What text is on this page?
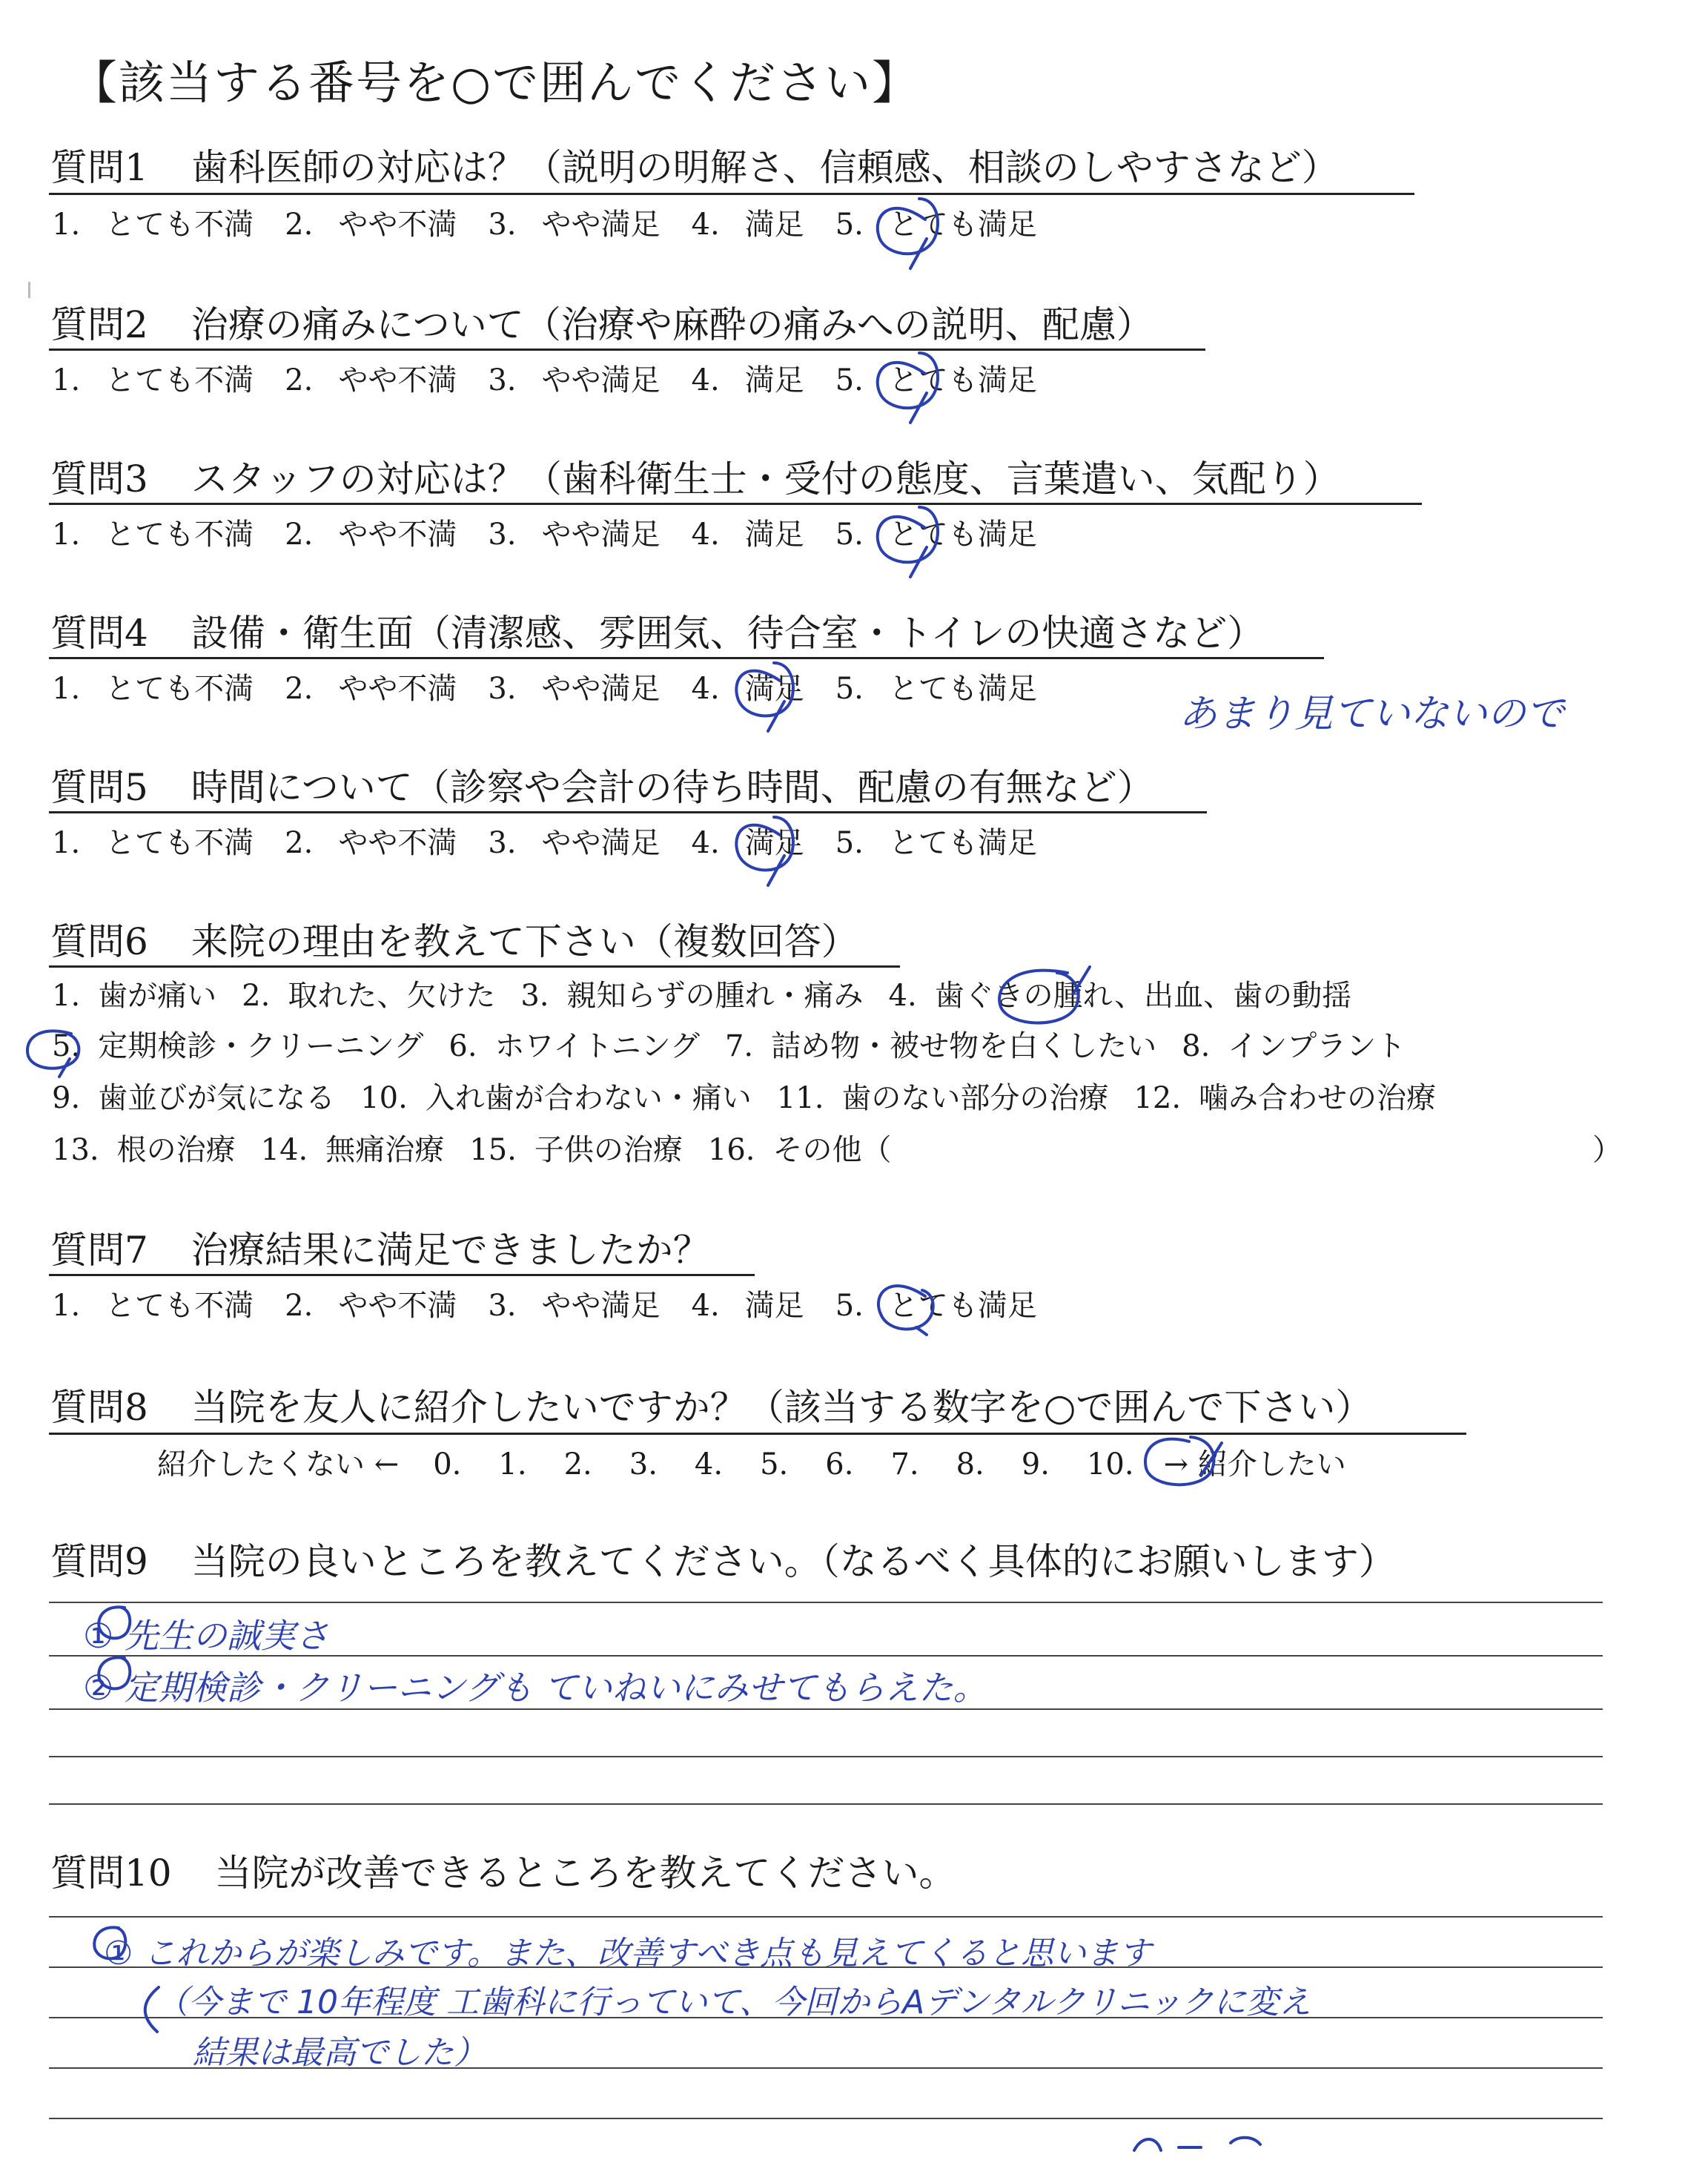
【該当する番号を○で囲んでください】
質問1 歯科医師の対応は？（説明の明解さ、信頼感、相談のしやすさなど）
1. とても不満 2. やや不満 3. やや満足 4. 満足 5. とても満足
質問2 治療の痛みについて（治療や麻酔の痛みへの説明、配慮）
1. とても不満 2. やや不満 3. やや満足 4. 満足 5. とても満足
質問3 スタッフの対応は？（歯科衛生士・受付の態度、言葉遣い、気配り）
1. とても不満 2. やや不満 3. やや満足 4. 満足 5. とても満足
質問4 設備・衛生面（清潔感、雰囲気、待合室・トイレの快適さなど）
1. とても不満 2. やや不満 3. やや満足 4. 満足 5. とても満足
あまり見ていないので
質問5 時間について（診察や会計の待ち時間、配慮の有無など）
1. とても不満 2. やや不満 3. やや満足 4. 満足 5. とても満足
質問6 来院の理由を教えて下さい（複数回答）
1. 歯が痛い 2. 取れた、欠けた 3. 親知らずの腫れ・痛み 4. 歯ぐきの腫れ、出血、歯の動揺
5. 定期検診・クリーニング 6. ホワイトニング 7. 詰め物・被せ物を白くしたい 8. インプラント
9. 歯並びが気になる 10. 入れ歯が合わない・痛い 11. 歯のない部分の治療 12. 噛み合わせの治療
13. 根の治療 14. 無痛治療 15. 子供の治療 16. その他（	）
質問7 治療結果に満足できましたか？
1. とても不満 2. やや不満 3. やや満足 4. 満足 5. とても満足
質問8 当院を友人に紹介したいですか？（該当する数字を○で囲んで下さい）
紹介したくない ← 0. 1. 2. 3. 4. 5. 6. 7. 8. 9. 10. → 紹介したい
質問9 当院の良いところを教えてください。（なるべく具体的にお願いします）
① 先生の誠実さ
② 定期検診・クリーニングも ていねいにみせてもらえた。
質問10 当院が改善できるところを教えてください。
① これからが楽しみです。また、改善すべき点も見えてくると思います
（今まで 10年程度 工歯科に行っていて、今回からAデンタルクリニックに変え
結果は最高でした）
